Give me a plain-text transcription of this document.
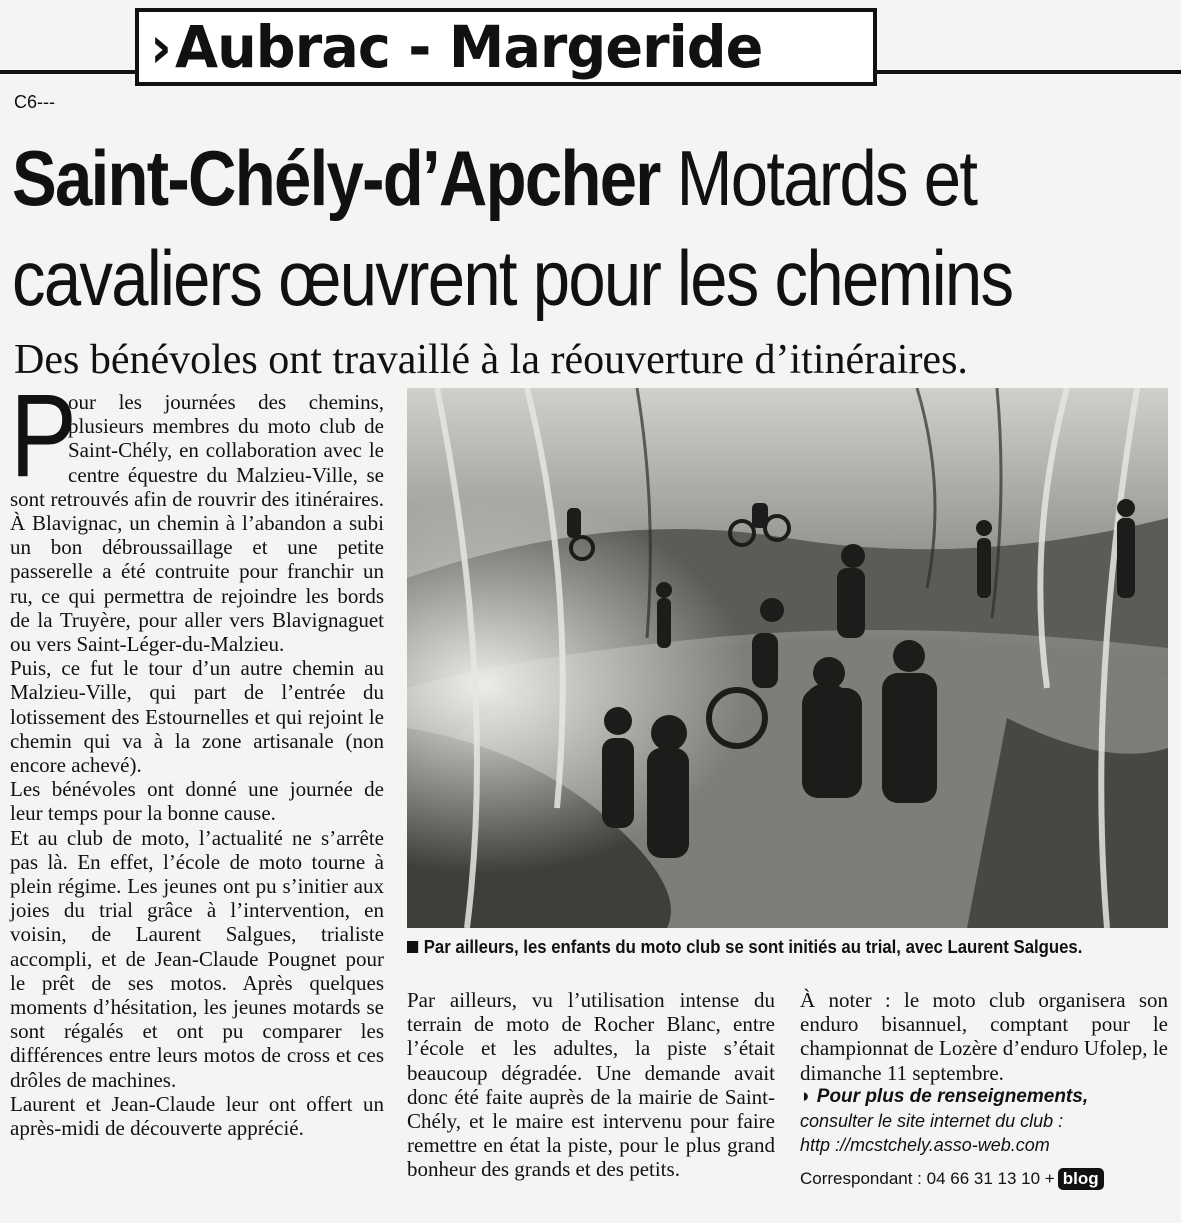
› Aubrac - Margeride
C6---
Saint-Chély-d’Apcher Motards et
cavaliers œuvrent pour les chemins
Des bénévoles ont travaillé à la réouverture d’itinéraires.

P
our les journées des chemins, plusieurs membres du moto club de Saint-Chély, en collaboration avec le centre équestre du Malzieu-Ville, se sont retrouvés afin de rouvrir des itinéraires. À Blavignac, un chemin à l’abandon a subi un bon débroussaillage et une petite passerelle a été contruite pour franchir un ru, ce qui permettra de rejoindre les bords de la Truyère, pour aller vers Blavignaguet ou vers Saint-Léger-du-Malzieu.

Puis, ce fut le tour d’un autre chemin au Malzieu-Ville, qui part de l’entrée du lotissement des Estournelles et qui rejoint le chemin qui va à la zone artisanale (non encore achevé).

Les bénévoles ont donné une journée de leur temps pour la bonne cause.

Et au club de moto, l’actualité ne s’arrête pas là. En effet, l’école de moto tourne à plein régime. Les jeunes ont pu s’initier aux joies du trial grâce à l’intervention, en voisin, de Laurent Salgues, trialiste accompli, et de Jean-Claude Pougnet pour le prêt de ses motos. Après quelques moments d’hésitation, les jeunes motards se sont régalés et ont pu comparer les différences entre leurs motos de cross et ces drôles de machines.

Laurent et Jean-Claude leur ont offert un après-midi de découverte apprécié.

Par ailleurs, les enfants du moto club se sont initiés au trial, avec Laurent Salgues.

Par ailleurs, vu l’utilisation intense du terrain de moto de Rocher Blanc, entre l’école et les adultes, la piste s’était beaucoup dégradée. Une demande avait donc été faite auprès de la mairie de Saint-Chély, et le maire est intervenu pour faire remettre en état la piste, pour le plus grand bonheur des grands et des petits.

À noter : le moto club organisera son enduro bisannuel, comptant pour le championnat de Lozère d’enduro Ufolep, le dimanche 11 septembre.

◗ Pour plus de renseignements,
consulter le site internet du club :
http ://mcstchely.asso-web.com
Correspondant : 04 66 31 13 10 + blog
